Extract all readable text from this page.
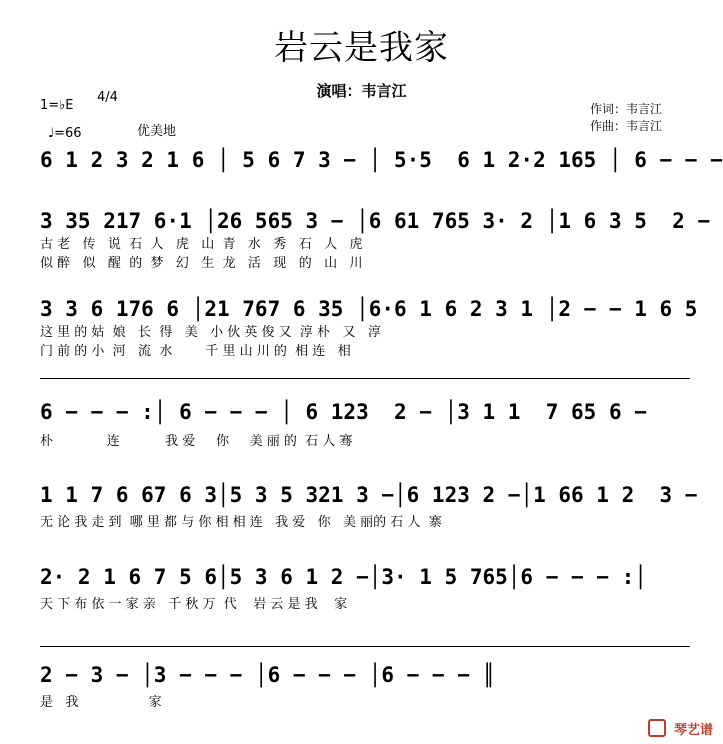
岩云是我家
演唱：韦言江
作词：韦言江
作曲：韦言江
1=♭E
4/4
♩=66	优美地
6 1 2 3 2 1 6 │ 5 6 7 3 − │ 5·5  6 1 2·2 165 │ 6 − − −
3 35 217 6·1 │26 565 3 − │6 61 765 3· 2 │1 6 3 5  2 −
古 老   传   说  石  人   虎   山  青   水   秀   石   人   虎
似 醉   似   醒  的  梦   幻   生  龙   活   现   的   山   川
3 3 6 176 6 │21 767 6 35 │6·6 1 6 2 3 1 │2 − − 1 6 5
这 里 的 姑  娘   长  得   美   小 伙 英 俊 又  淳 朴   又   淳
门 前 的 小  河   流  水        千 里 山 川 的  相 连   相
6 − − − :│ 6 − − − │ 6 123  2 − │3 1 1  7 65 6 −
朴             连           我 爱     你     美 丽 的  石 人 骞
1 1 7 6 67 6 3│5 3 5 321 3 −│6 123 2 −│1 66 1 2  3 −
无 论 我 走 到  哪 里 都 与 你 相 相 连   我 爱   你   美 丽的 石 人  寨
2· 2 1 6 7 5 6│5 3 6 1 2 −│3· 1 5 765│6 − − − :│
天 下 布 依 一 家 亲   千 秋 万  代    岩 云 是 我    家
2 − 3 − │3 − − − │6 − − − │6 − − − ║
是   我                 家
琴艺谱
